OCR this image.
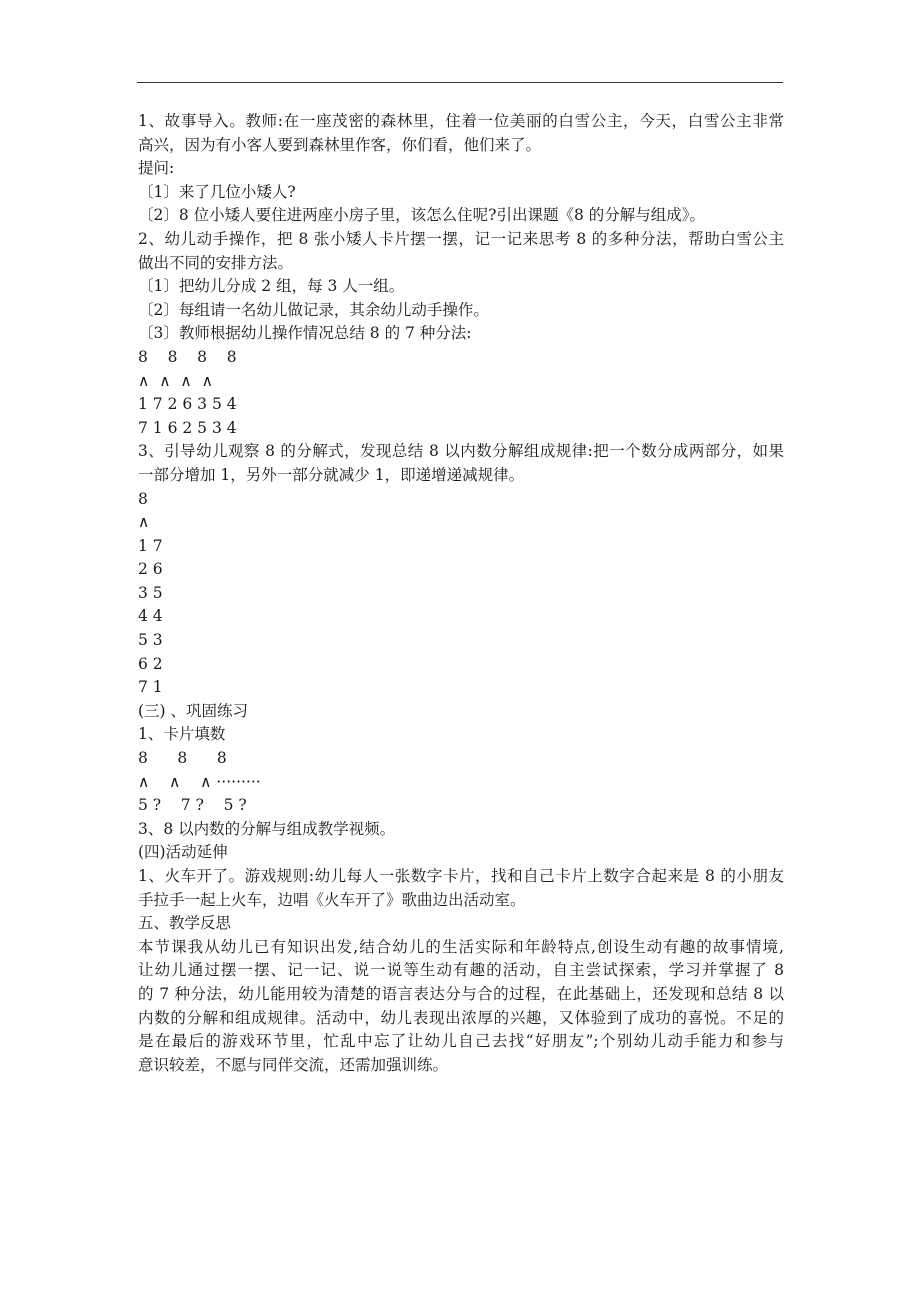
1、故事导入。教师:在一座茂密的森林里，住着一位美丽的白雪公主，今天，白雪公主非常
高兴，因为有小客人要到森林里作客，你们看，他们来了。
提问:
〔1〕来了几位小矮人?
〔2〕8 位小矮人要住进两座小房子里，该怎么住呢?引出课题《8 的分解与组成》。
2、幼儿动手操作，把 8 张小矮人卡片摆一摆，记一记来思考 8 的多种分法，帮助白雪公主
做出不同的安排方法。
〔1〕把幼儿分成 2 组，每 3 人一组。
〔2〕每组请一名幼儿做记录，其余幼儿动手操作。
〔3〕教师根据幼儿操作情况总结 8 的 7 种分法:
8    8    8    8
∧  ∧  ∧  ∧
1 7 2 6 3 5 4
7 1 6 2 5 3 4
3、引导幼儿观察 8 的分解式，发现总结 8 以内数分解组成规律:把一个数分成两部分，如果
一部分增加 1，另外一部分就减少 1，即递增递减规律。
8
∧
1 7
2 6
3 5
4 4
5 3
6 2
7 1
(三) 、巩固练习
1、卡片填数
8      8      8
∧    ∧    ∧ ·········
5 ?    7 ?    5 ?
3、8 以内数的分解与组成教学视频。
(四)活动延伸
1、火车开了。游戏规则:幼儿每人一张数字卡片，找和自己卡片上数字合起来是 8 的小朋友
手拉手一起上火车，边唱《火车开了》歌曲边出活动室。
五、教学反思
本节课我从幼儿已有知识出发,结合幼儿的生活实际和年龄特点,创设生动有趣的故事情境,
让幼儿通过摆一摆、记一记、说一说等生动有趣的活动，自主尝试探索，学习并掌握了 8
的 7 种分法，幼儿能用较为清楚的语言表达分与合的过程，在此基础上，还发现和总结 8 以
内数的分解和组成规律。活动中，幼儿表现出浓厚的兴趣，又体验到了成功的喜悦。不足的
是在最后的游戏环节里，忙乱中忘了让幼儿自己去找“好朋友”;个别幼儿动手能力和参与
意识较差，不愿与同伴交流，还需加强训练。
